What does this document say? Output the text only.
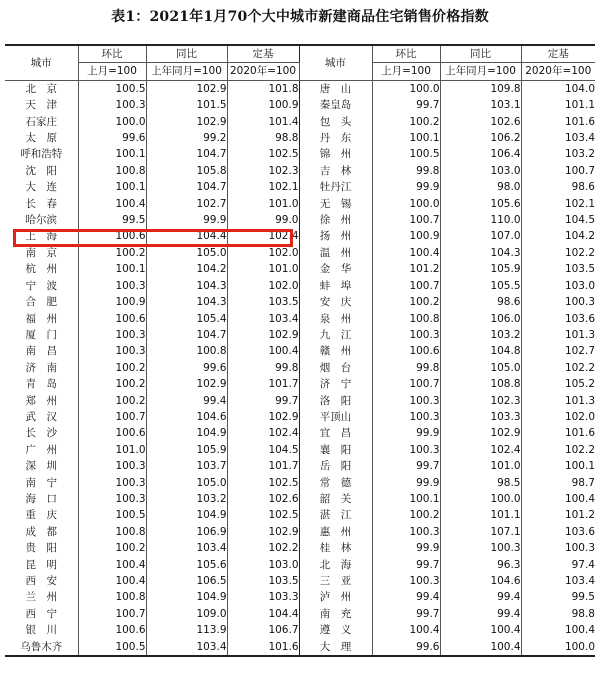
表1：2021年1月70个大中城市新建商品住宅销售价格指数
城市	环比	同比	定基	城市	环比	同比	定基
	上月=100	上年同月=100	2020年=100		上月=100	上年同月=100	2020年=100
北　京	100.5	102.9	101.8	唐　山	100.0	109.8	104.0
天　津	100.3	101.5	100.9	秦皇岛	99.7	103.1	101.1
石家庄	100.0	102.9	101.4	包　头	100.2	102.6	101.6
太　原	99.6	99.2	98.8	丹　东	100.1	106.2	103.4
呼和浩特	100.1	104.7	102.5	锦　州	100.5	106.4	103.2
沈　阳	100.8	105.8	102.3	吉　林	99.8	103.0	100.7
大　连	100.1	104.7	102.1	牡丹江	99.9	98.0	98.6
长　春	100.4	102.7	101.0	无　锡	100.0	105.6	102.1
哈尔滨	99.5	99.9	99.0	徐　州	100.7	110.0	104.5
上　海	100.6	104.4	102.4	扬　州	100.9	107.0	104.2
南　京	100.2	105.0	102.0	温　州	100.4	104.3	102.2
杭　州	100.1	104.2	101.0	金　华	101.2	105.9	103.5
宁　波	100.3	104.3	102.0	蚌　埠	100.7	105.5	103.0
合　肥	100.9	104.3	103.5	安　庆	100.2	98.6	100.3
福　州	100.6	105.4	103.4	泉　州	100.8	106.0	103.6
厦　门	100.3	104.7	102.9	九　江	100.3	103.2	101.3
南　昌	100.3	100.8	100.4	赣　州	100.6	104.8	102.7
济　南	100.2	99.6	99.8	烟　台	99.8	105.0	102.2
青　岛	100.2	102.9	101.7	济　宁	100.7	108.8	105.2
郑　州	100.2	99.4	99.7	洛　阳	100.3	102.3	101.3
武　汉	100.7	104.6	102.9	平顶山	100.3	103.3	102.0
长　沙	100.6	104.9	102.4	宜　昌	99.9	102.9	101.6
广　州	101.0	105.9	104.5	襄　阳	100.3	102.4	102.2
深　圳	100.3	103.7	101.7	岳　阳	99.7	101.0	100.1
南　宁	100.3	105.0	102.5	常　德	99.9	98.5	98.7
海　口	100.3	103.2	102.6	韶　关	100.1	100.0	100.4
重　庆	100.5	104.9	102.5	湛　江	100.2	101.1	101.2
成　都	100.8	106.9	102.9	惠　州	100.3	107.1	103.6
贵　阳	100.2	103.4	102.2	桂　林	99.9	100.3	100.3
昆　明	100.4	105.6	103.0	北　海	99.7	96.3	97.4
西　安	100.4	106.5	103.5	三　亚	100.3	104.6	103.4
兰　州	100.8	104.9	103.3	泸　州	99.4	99.4	99.5
西　宁	100.7	109.0	104.4	南　充	99.7	99.4	98.8
银　川	100.6	113.9	106.7	遵　义	100.4	100.4	100.4
乌鲁木齐	100.5	103.4	101.6	大　理	99.6	100.4	100.0
